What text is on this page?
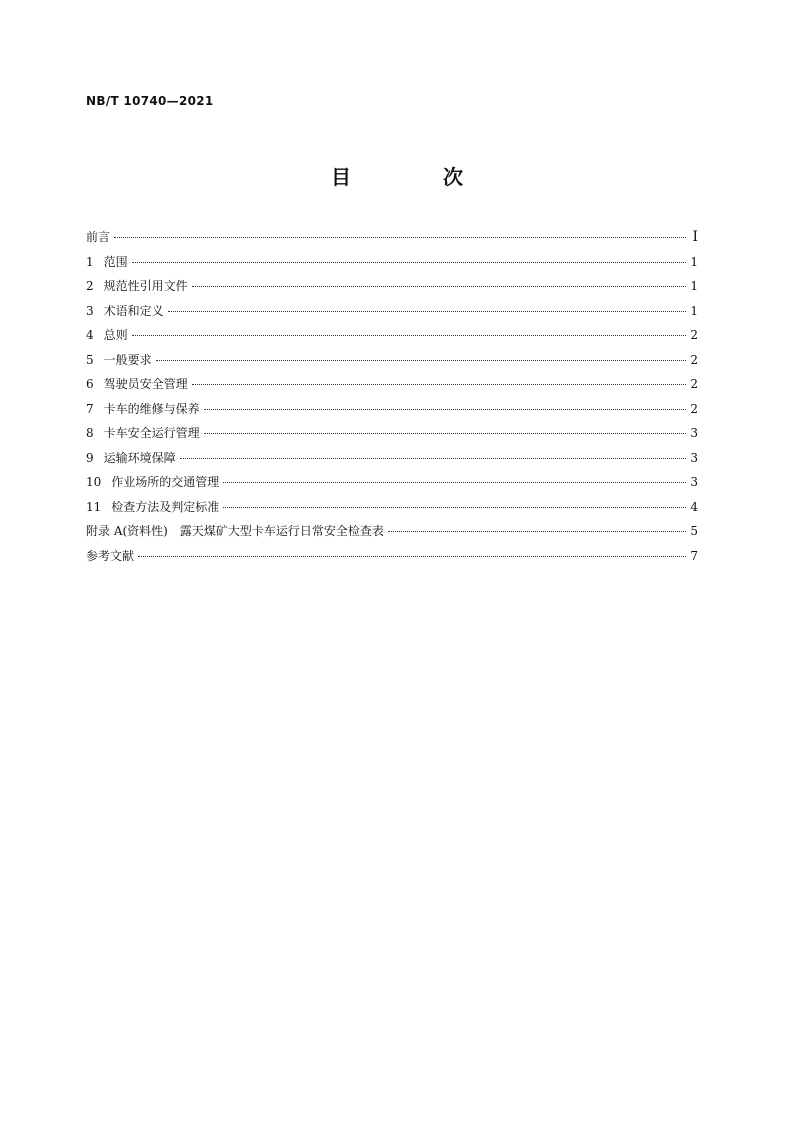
NB/T 10740—2021
目　次
前言	I
1 范围	1
2 规范性引用文件	1
3 术语和定义	1
4 总则	2
5 一般要求	2
6 驾驶员安全管理	2
7 卡车的维修与保养	2
8 卡车安全运行管理	3
9 运输环境保障	3
10 作业场所的交通管理	3
11 检查方法及判定标准	4
附录 A(资料性)　露天煤矿大型卡车运行日常安全检查表	5
参考文献	7
